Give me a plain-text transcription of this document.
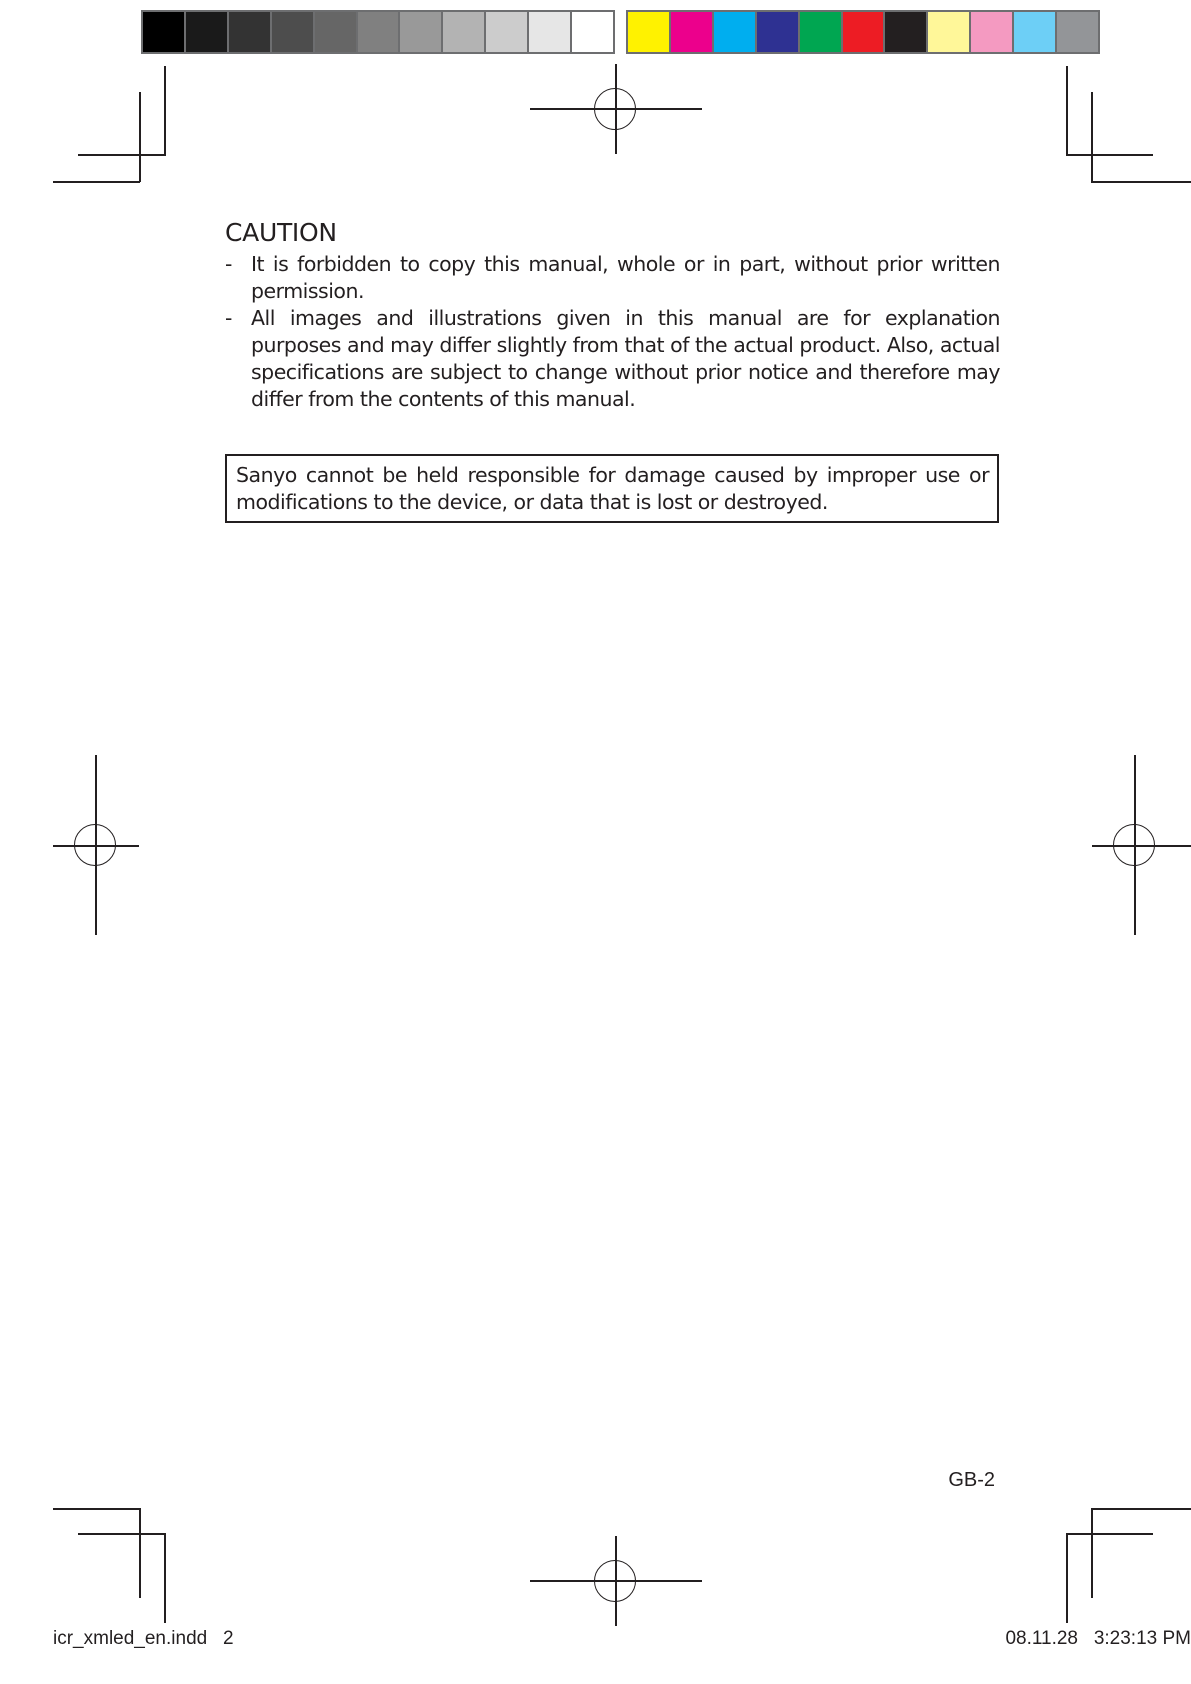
CAUTION
- It is forbidden to copy this manual, whole or in part, without prior written permission.
- All images and illustrations given in this manual are for explanation purposes and may differ slightly from that of the actual product. Also, actual specifications are subject to change without prior notice and therefore may differ from the contents of this manual.
Sanyo cannot be held responsible for damage caused by improper use or modifications to the device, or data that is lost or destroyed.
GB-2
icr_xmled_en.indd   2	08.11.28   3:23:13 PM
